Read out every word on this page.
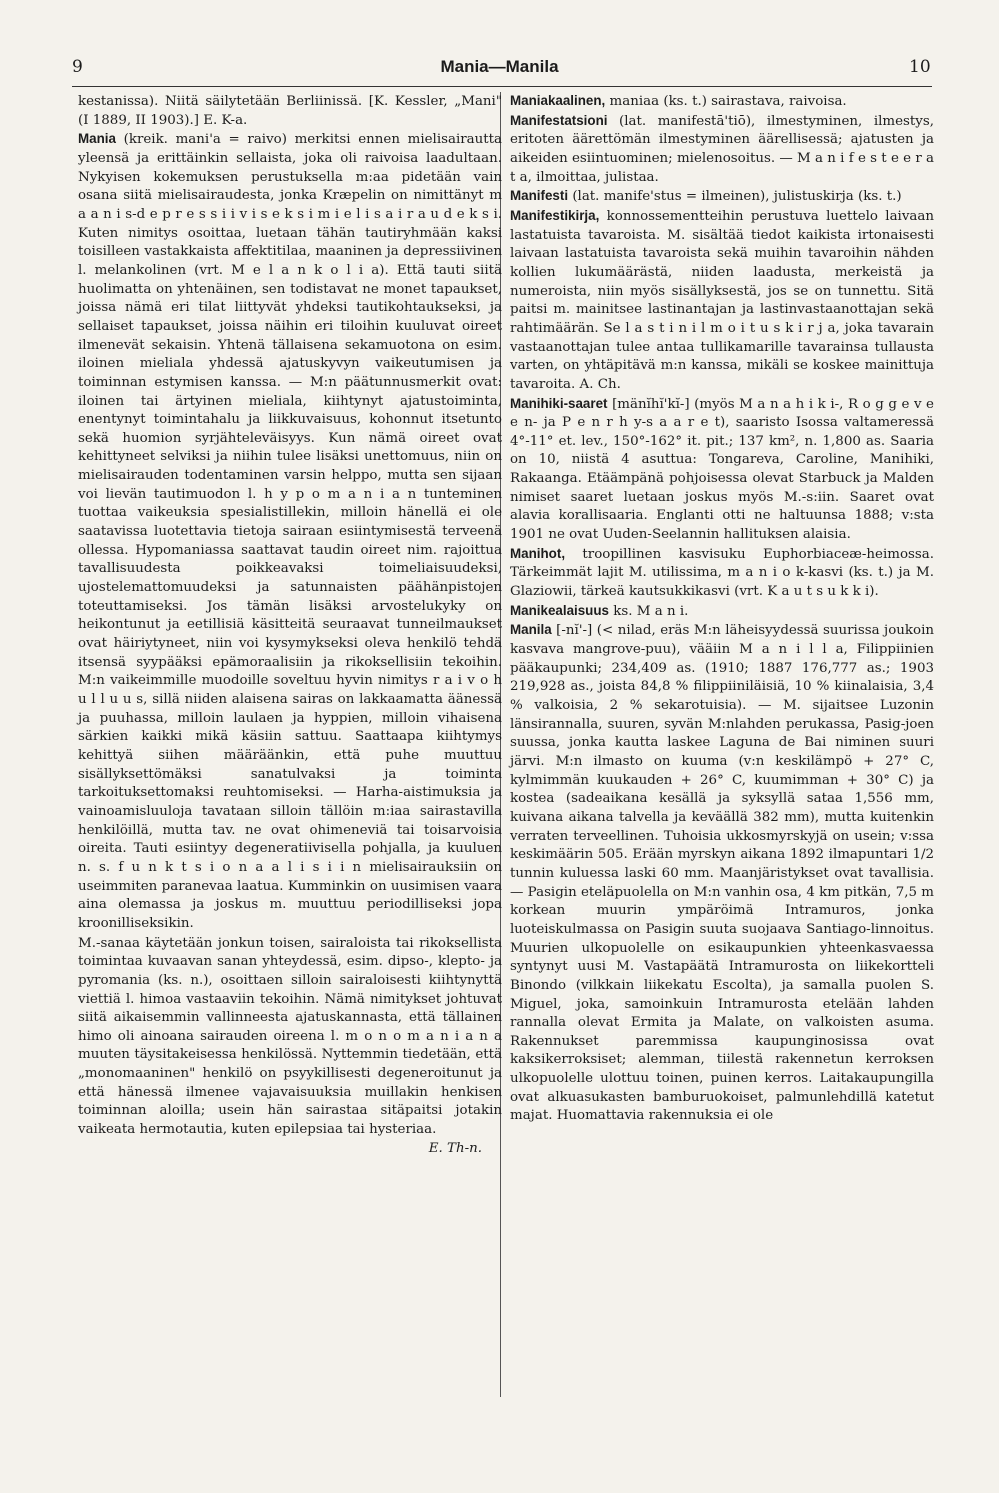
9	Mania—Manila	10

kestanissa). Niitä säilytetään Berliinissä. [K. Kessler, „Mani" (I 1889, II 1903).] E. K-a.

Mania (kreik. mani'a = raivo) merkitsi ennen mielisairautta yleensä ja erittäinkin sellaista, joka oli raivoisa laadultaan. Nykyisen kokemuksen perustuksella m:aa pidetään vain osana siitä mielisairaudesta, jonka Kræpelin on nimittänyt m a a n i s-d e p r e s s i i v i s e k s i m i e l i s a i r a u d e k s i. Kuten nimitys osoittaa, luetaan tähän tautiryhmään kaksi toisilleen vastakkaista affektitilaa, maaninen ja depressiivinen l. melankolinen (vrt. M e l a n k o l i a). Että tauti siitä huolimatta on yhtenäinen, sen todistavat ne monet tapaukset, joissa nämä eri tilat liittyvät yhdeksi tautikohtaukseksi, ja sellaiset tapaukset, joissa näihin eri tiloihin kuuluvat oireet ilmenevät sekaisin. Yhtenä tällaisena sekamuotona on esim. iloinen mieliala yhdessä ajatuskyvyn vaikeutumisen ja toiminnan estymisen kanssa. — M:n päätunnusmerkit ovat: iloinen tai ärtyinen mieliala, kiihtynyt ajatustoiminta, enentynyt toimintahalu ja liikkuvaisuus, kohonnut itsetunto sekä huomion syrjähteleväisyys. Kun nämä oireet ovat kehittyneet selviksi ja niihin tulee lisäksi unettomuus, niin on mielisairauden todentaminen varsin helppo, mutta sen sijaan voi lievän tautimuodon l. h y p o m a n i a n tunteminen tuottaa vaikeuksia spesialistillekin, milloin hänellä ei ole saatavissa luotettavia tietoja sairaan esiintymisestä terveenä ollessa. Hypomaniassa saattavat taudin oireet nim. rajoittua tavallisuudesta poikkeavaksi toimeliaisuudeksi, ujostelemattomuudeksi ja satunnaisten päähänpistojen toteuttamiseksi. Jos tämän lisäksi arvostelukyky on heikontunut ja eetillisiä käsitteitä seuraavat tunneilmaukset ovat häiriytyneet, niin voi kysymykseksi oleva henkilö tehdä itsensä syypääksi epämoraalisiin ja rikoksellisiin tekoihin. M:n vaikeimmille muodoille soveltuu hyvin nimitys r a i v o h u l l u u s, sillä niiden alaisena sairas on lakkaamatta äänessä ja puuhassa, milloin laulaen ja hyppien, milloin vihaisena särkien kaikki mikä käsiin sattuu. Saattaapa kiihtymys kehittyä siihen määräänkin, että puhe muuttuu sisällyksettömäksi sanatulvaksi ja toiminta tarkoituksettomaksi reuhtomiseksi. — Harha-aistimuksia ja vainoamisluuloja tavataan silloin tällöin m:iaa sairastavilla henkilöillä, mutta tav. ne ovat ohimeneviä tai toisarvoisia oireita. Tauti esiintyy degeneratiivisella pohjalla, ja kuuluen n. s. f u n k t s i o n a a l i s i i n mielisairauksiin on useimmiten paranevaa laatua. Kumminkin on uusimisen vaara aina olemassa ja joskus m. muuttuu periodilliseksi jopa kroonilliseksikin.

M.-sanaa käytetään jonkun toisen, sairaloista tai rikoksellista toimintaa kuvaavan sanan yhteydessä, esim. dipso-, klepto- ja pyromania (ks. n.), osoittaen silloin sairaloisesti kiihtynyttä viettiä l. himoa vastaaviin tekoihin. Nämä nimitykset johtuvat siitä aikaisemmin vallinneesta ajatuskannasta, että tällainen himo oli ainoana sairauden oireena l. m o n o m a n i a n a muuten täysitakeisessa henkilössä. Nyttemmin tiedetään, että „monomaaninen" henkilö on psyykillisesti degeneroitunut ja että hänessä ilmenee vajavaisuuksia muillakin henkisen toiminnan aloilla; usein hän sairastaa sitäpaitsi jotakin vaikeata hermotautia, kuten epilepsiaa tai hysteriaa.

E. Th-n.

Maniakaalinen, maniaa (ks. t.) sairastava, raivoisa.

Manifestatsioni (lat. manifestā'tiō), ilmestyminen, ilmestys, eritoten äärettömän ilmestyminen äärellisessä; ajatusten ja aikeiden esiintuominen; mielenosoitus. — M a n i f e s t e e r a t a, ilmoittaa, julistaa.

Manifesti (lat. manife'stus = ilmeinen), julistuskirja (ks. t.)

Manifestikirja, konnossementteihin perustuva luettelo laivaan lastatuista tavaroista. M. sisältää tiedot kaikista irtonaisesti laivaan lastatuista tavaroista sekä muihin tavaroihin nähden kollien lukumäärästä, niiden laadusta, merkeistä ja numeroista, niin myös sisällyksestä, jos se on tunnettu. Sitä paitsi m. mainitsee lastinantajan ja lastinvastaanottajan sekä rahtimäärän. Se l a s t i n i l m o i t u s k i r j a, joka tavarain vastaanottajan tulee antaa tullikamarille tavarainsa tullausta varten, on yhtäpitävä m:n kanssa, mikäli se koskee mainittuja tavaroita. A. Ch.

Manihiki-saaret [mänĭhĭ'kĭ-] (myös M a n a h i k i-, R o g g e v e e n- ja P e n r h y-s a a r e t), saaristo Isossa valtameressä 4°-11° et. lev., 150°-162° it. pit.; 137 km², n. 1,800 as. Saaria on 10, niistä 4 asuttua: Tongareva, Caroline, Manihiki, Rakaanga. Etäämpänä pohjoisessa olevat Starbuck ja Malden nimiset saaret luetaan joskus myös M.-s:iin. Saaret ovat alavia korallisaaria. Englanti otti ne haltuunsa 1888; v:sta 1901 ne ovat Uuden-Seelannin hallituksen alaisia.

Manihot, troopillinen kasvisuku Euphorbiaceæ-heimossa. Tärkeimmät lajit M. utilissima, m a n i o k-kasvi (ks. t.) ja M. Glaziowii, tärkeä kautsukkikasvi (vrt. K a u t s u k k i).

Manikealaisuus ks. M a n i.

Manila [-nĭ'-] (< nilad, eräs M:n läheisyydessä suurissa joukoin kasvava mangrove-puu), vääiin M a n i l l a, Filippiinien pääkaupunki; 234,409 as. (1910; 1887 176,777 as.; 1903 219,928 as., joista 84,8 % filippiiniläisiä, 10 % kiinalaisia, 3,4 % valkoisia, 2 % sekarotuisia). — M. sijaitsee Luzonin länsirannalla, suuren, syvän M:nlahden perukassa, Pasig-joen suussa, jonka kautta laskee Laguna de Bai niminen suuri järvi. M:n ilmasto on kuuma (v:n keskilämpö + 27° C, kylmimmän kuukauden + 26° C, kuumimman + 30° C) ja kostea (sadeaikana kesällä ja syksyllä sataa 1,556 mm, kuivana aikana talvella ja keväällä 382 mm), mutta kuitenkin verraten terveellinen. Tuhoisia ukkosmyrskyjä on usein; v:ssa keskimäärin 505. Erään myrskyn aikana 1892 ilmapuntari 1/2 tunnin kuluessa laski 60 mm. Maanjäristykset ovat tavallisia. — Pasigin eteläpuolella on M:n vanhin osa, 4 km pitkän, 7,5 m korkean muurin ympäröimä Intramuros, jonka luoteiskulmassa on Pasigin suuta suojaava Santiago-linnoitus. Muurien ulkopuolelle on esikaupunkien yhteenkasvaessa syntynyt uusi M. Vastapäätä Intramurosta on liikekortteli Binondo (vilkkain liikekatu Escolta), ja samalla puolen S. Miguel, joka, samoinkuin Intramurosta etelään lahden rannalla olevat Ermita ja Malate, on valkoisten asuma. Rakennukset paremmissa kaupunginosissa ovat kaksikerroksiset; alemman, tiilestä rakennetun kerroksen ulkopuolelle ulottuu toinen, puinen kerros. Laitakaupungilla ovat alkuasukasten bamburuokoiset, palmunlehdillä katetut majat. Huomattavia rakennuksia ei ole
